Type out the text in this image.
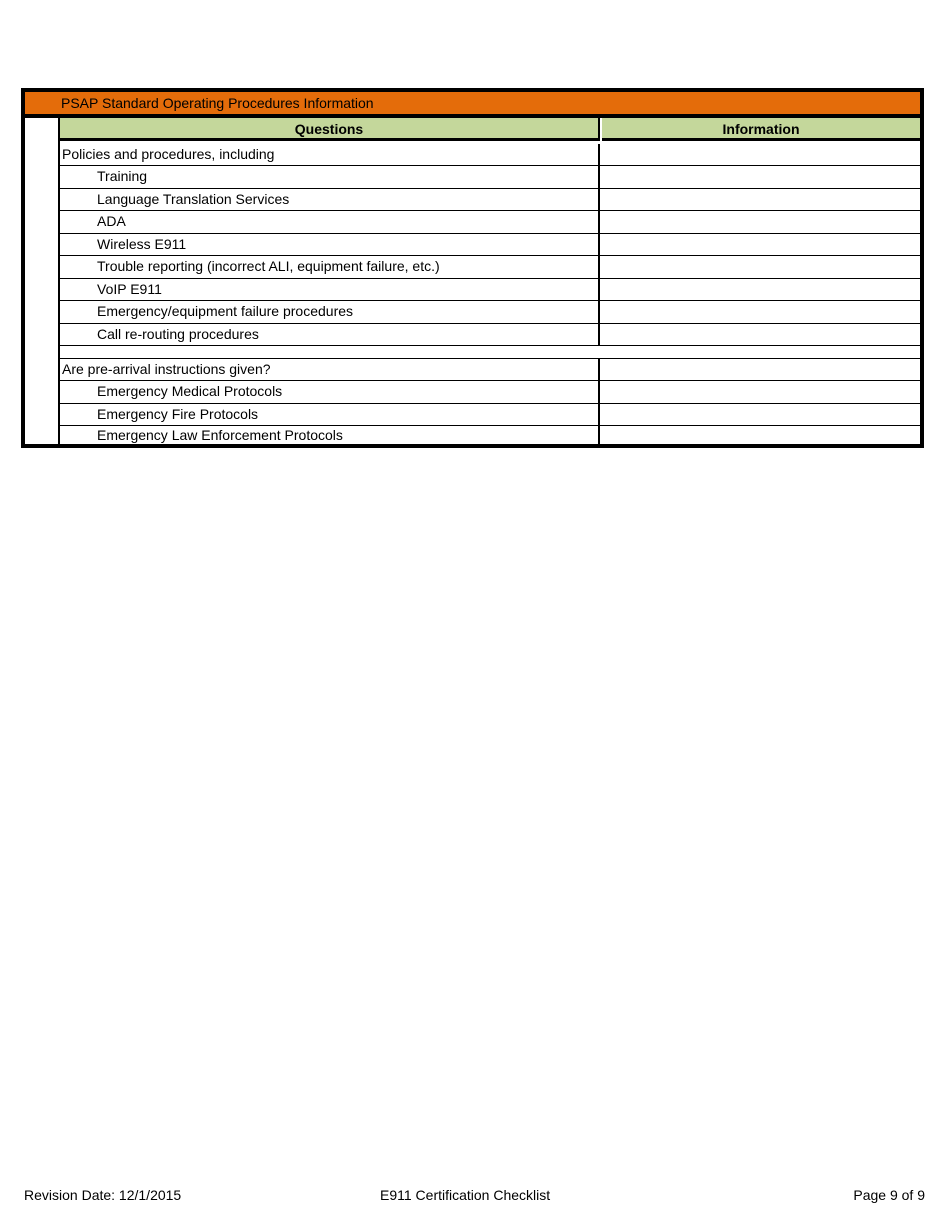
PSAP Standard Operating Procedures Information
Questions	Information
Policies and procedures, including
Training
Language Translation Services
ADA
Wireless E911
Trouble reporting (incorrect ALI, equipment failure, etc.)
VoIP E911
Emergency/equipment failure procedures
Call re-routing procedures
Are pre-arrival instructions given?
Emergency Medical Protocols
Emergency Fire Protocols
Emergency Law Enforcement Protocols
Revision Date: 12/1/2015	E911 Certification Checklist	Page 9 of 9
